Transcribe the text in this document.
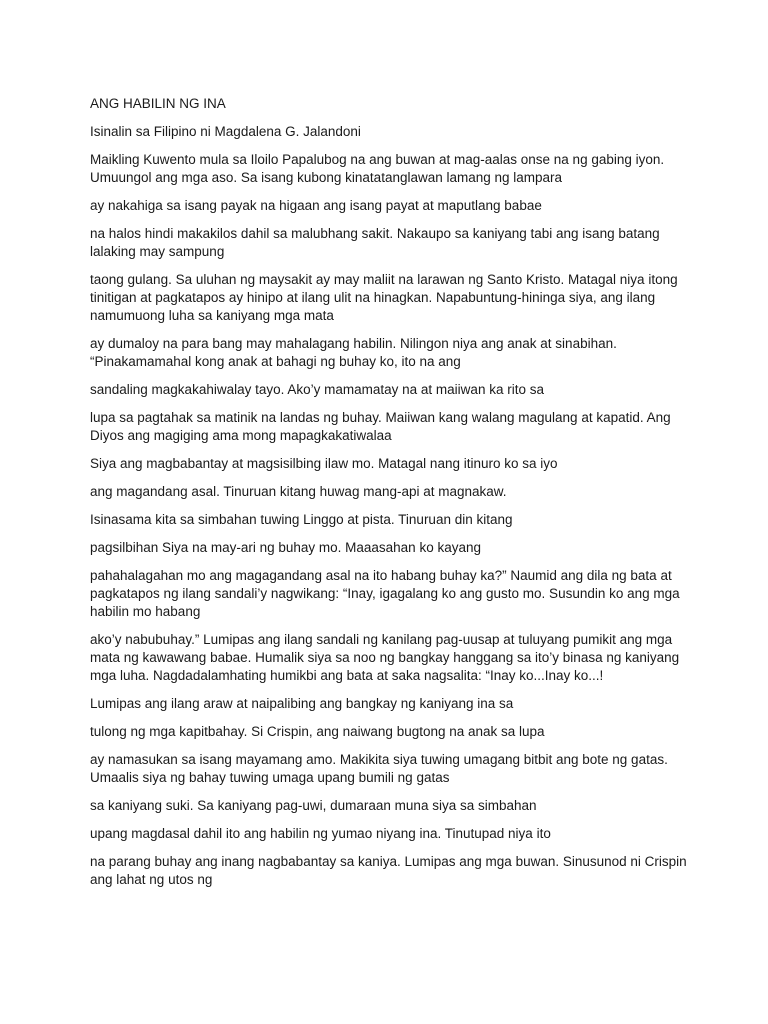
ANG HABILIN NG INA

Isinalin sa Filipino ni Magdalena G. Jalandoni

Maikling Kuwento mula sa Iloilo Papalubog na ang buwan at mag-aalas onse na ng gabing iyon. Umuungol ang mga aso. Sa isang kubong kinatatanglawan lamang ng lampara

ay nakahiga sa isang payak na higaan ang isang payat at maputlang babae

na halos hindi makakilos dahil sa malubhang sakit. Nakaupo sa kaniyang tabi ang isang batang lalaking may sampung

taong gulang. Sa uluhan ng maysakit ay may maliit na larawan ng Santo Kristo. Matagal niya itong tinitigan at pagkatapos ay hinipo at ilang ulit na hinagkan. Napabuntung-hininga siya, ang ilang namumuong luha sa kaniyang mga mata

ay dumaloy na para bang may mahalagang habilin. Nilingon niya ang anak at sinabihan. “Pinakamamahal kong anak at bahagi ng buhay ko, ito na ang

sandaling magkakahiwalay tayo. Ako’y mamamatay na at maiiwan ka rito sa

lupa sa pagtahak sa matinik na landas ng buhay. Maiiwan kang walang magulang at kapatid. Ang Diyos ang magiging ama mong mapagkakatiwalaa

Siya ang magbabantay at magsisilbing ilaw mo. Matagal nang itinuro ko sa iyo

ang magandang asal. Tinuruan kitang huwag mang-api at magnakaw.

Isinasama kita sa simbahan tuwing Linggo at pista. Tinuruan din kitang

pagsilbihan Siya na may-ari ng buhay mo. Maaasahan ko kayang

pahahalagahan mo ang magagandang asal na ito habang buhay ka?” Naumid ang dila ng bata at pagkatapos ng ilang sandali’y nagwikang: “Inay, igagalang ko ang gusto mo. Susundin ko ang mga habilin mo habang

ako’y nabubuhay.” Lumipas ang ilang sandali ng kanilang pag-uusap at tuluyang pumikit ang mga mata ng kawawang babae. Humalik siya sa noo ng bangkay hanggang sa ito’y binasa ng kaniyang mga luha. Nagdadalamhating humikbi ang bata at saka nagsalita: “Inay ko...Inay ko...!

Lumipas ang ilang araw at naipalibing ang bangkay ng kaniyang ina sa

tulong ng mga kapitbahay. Si Crispin, ang naiwang bugtong na anak sa lupa

ay namasukan sa isang mayamang amo. Makikita siya tuwing umagang bitbit ang bote ng gatas. Umaalis siya ng bahay tuwing umaga upang bumili ng gatas

sa kaniyang suki. Sa kaniyang pag-uwi, dumaraan muna siya sa simbahan

upang magdasal dahil ito ang habilin ng yumao niyang ina. Tinutupad niya ito

na parang buhay ang inang nagbabantay sa kaniya. Lumipas ang mga buwan. Sinusunod ni Crispin ang lahat ng utos ng
